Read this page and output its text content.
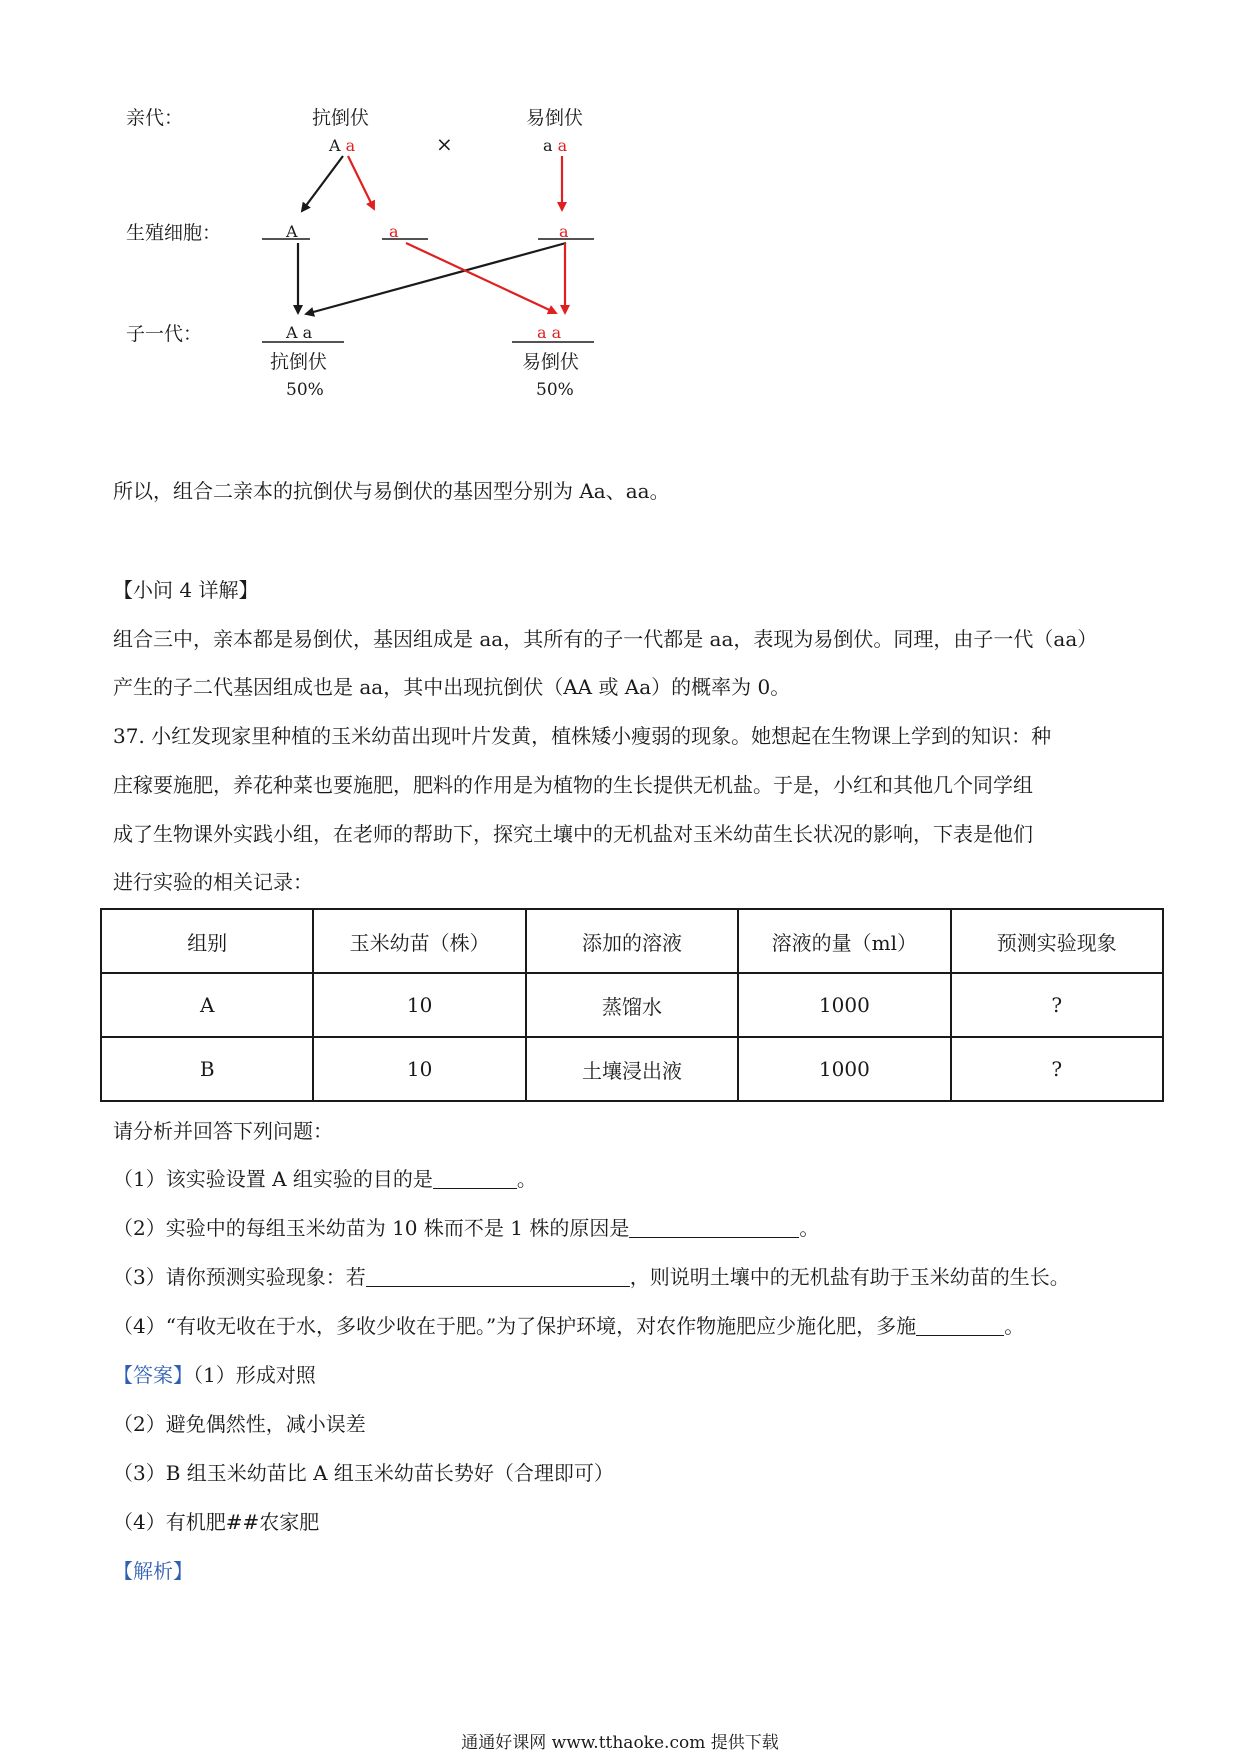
亲代：
生殖细胞：
子一代：
抗倒伏
A a	×
易倒伏
a a
A	a	a
A a
抗倒伏
50%
a a
易倒伏
50%
所以，组合二亲本的抗倒伏与易倒伏的基因型分别为 Aa、aa。
【小问 4 详解】
组合三中，亲本都是易倒伏，基因组成是 aa，其所有的子一代都是 aa，表现为易倒伏。同理，由子一代（aa）
产生的子二代基因组成也是 aa，其中出现抗倒伏（AA 或 Aa）的概率为 0。
37. 小红发现家里种植的玉米幼苗出现叶片发黄，植株矮小瘦弱的现象。她想起在生物课上学到的知识：种
庄稼要施肥，养花种菜也要施肥，肥料的作用是为植物的生长提供无机盐。于是，小红和其他几个同学组
成了生物课外实践小组，在老师的帮助下，探究土壤中的无机盐对玉米幼苗生长状况的影响，下表是他们
进行实验的相关记录：
组别	玉米幼苗（株）	添加的溶液	溶液的量（ml）	预测实验现象
A	10	蒸馏水	1000	?
B	10	土壤浸出液	1000	?
请分析并回答下列问题：
（1）该实验设置 A 组实验的目的是	。
（2）实验中的每组玉米幼苗为 10 株而不是 1 株的原因是	。
（3）请你预测实验现象：若	，则说明土壤中的无机盐有助于玉米幼苗的生长。
（4）“有收无收在于水，多收少收在于肥。”为了保护环境，对农作物施肥应少施化肥，多施	。
【答案】（1）形成对照
（2）避免偶然性，减小误差
（3）B 组玉米幼苗比 A 组玉米幼苗长势好（合理即可）
（4）有机肥##农家肥
【解析】
通通好课网 www.tthaoke.com 提供下载
